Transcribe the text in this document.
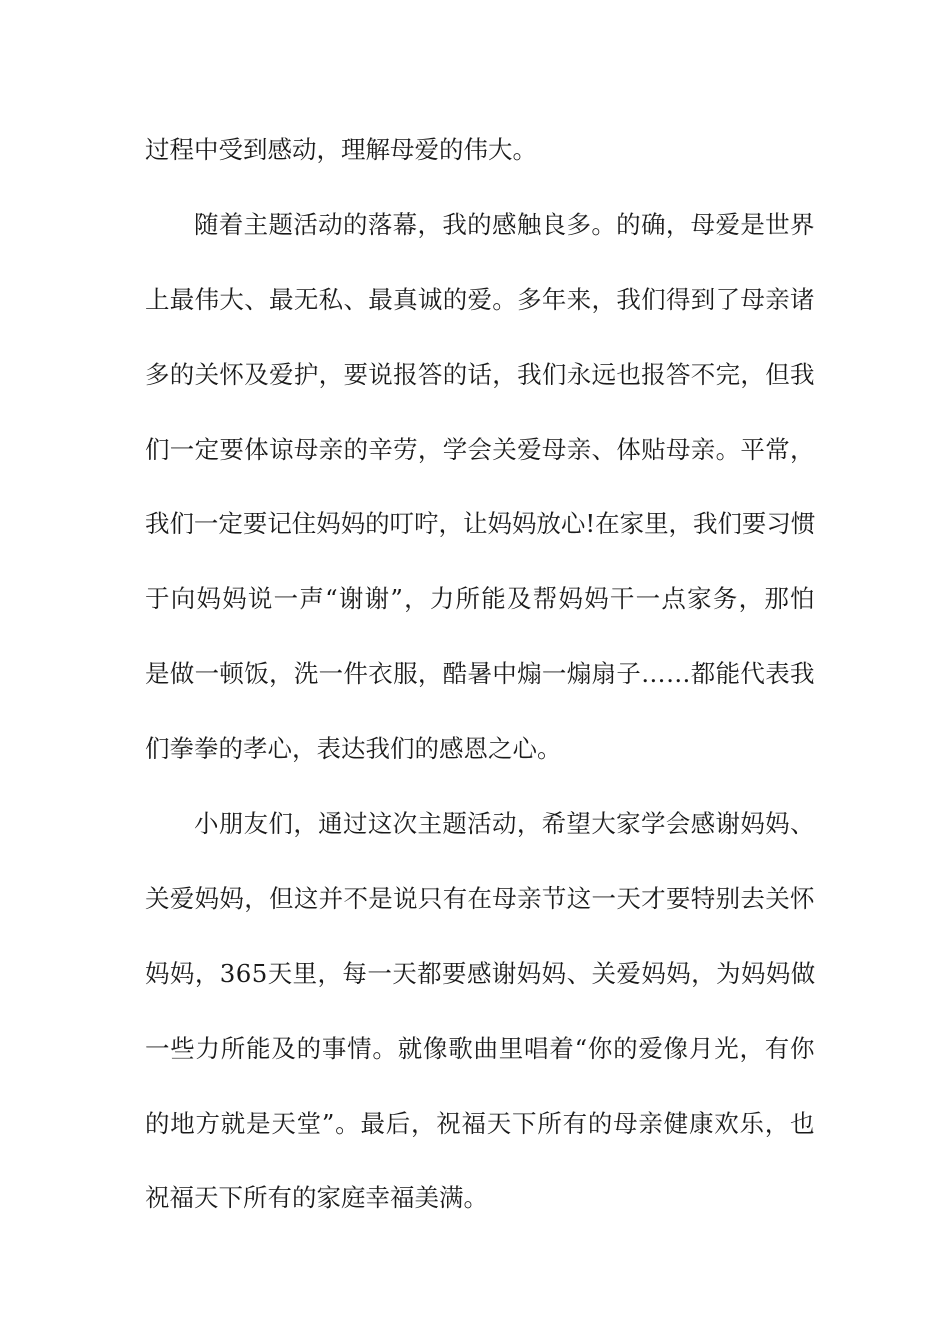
过程中受到感动，理解母爱的伟大。
随着主题活动的落幕，我的感触良多。的确，母爱是世界
上最伟大、最无私、最真诚的爱。多年来，我们得到了母亲诸
多的关怀及爱护，要说报答的话，我们永远也报答不完，但我
们一定要体谅母亲的辛劳，学会关爱母亲、体贴母亲。平常，
我们一定要记住妈妈的叮咛，让妈妈放心!在家里，我们要习惯
于向妈妈说一声“谢谢”，力所能及帮妈妈干一点家务，那怕
是做一顿饭，洗一件衣服，酷暑中煽一煽扇子……都能代表我
们拳拳的孝心，表达我们的感恩之心。
小朋友们，通过这次主题活动，希望大家学会感谢妈妈、
关爱妈妈，但这并不是说只有在母亲节这一天才要特别去关怀
妈妈，365天里，每一天都要感谢妈妈、关爱妈妈，为妈妈做
一些力所能及的事情。就像歌曲里唱着“你的爱像月光，有你
的地方就是天堂”。最后，祝福天下所有的母亲健康欢乐，也
祝福天下所有的家庭幸福美满。
